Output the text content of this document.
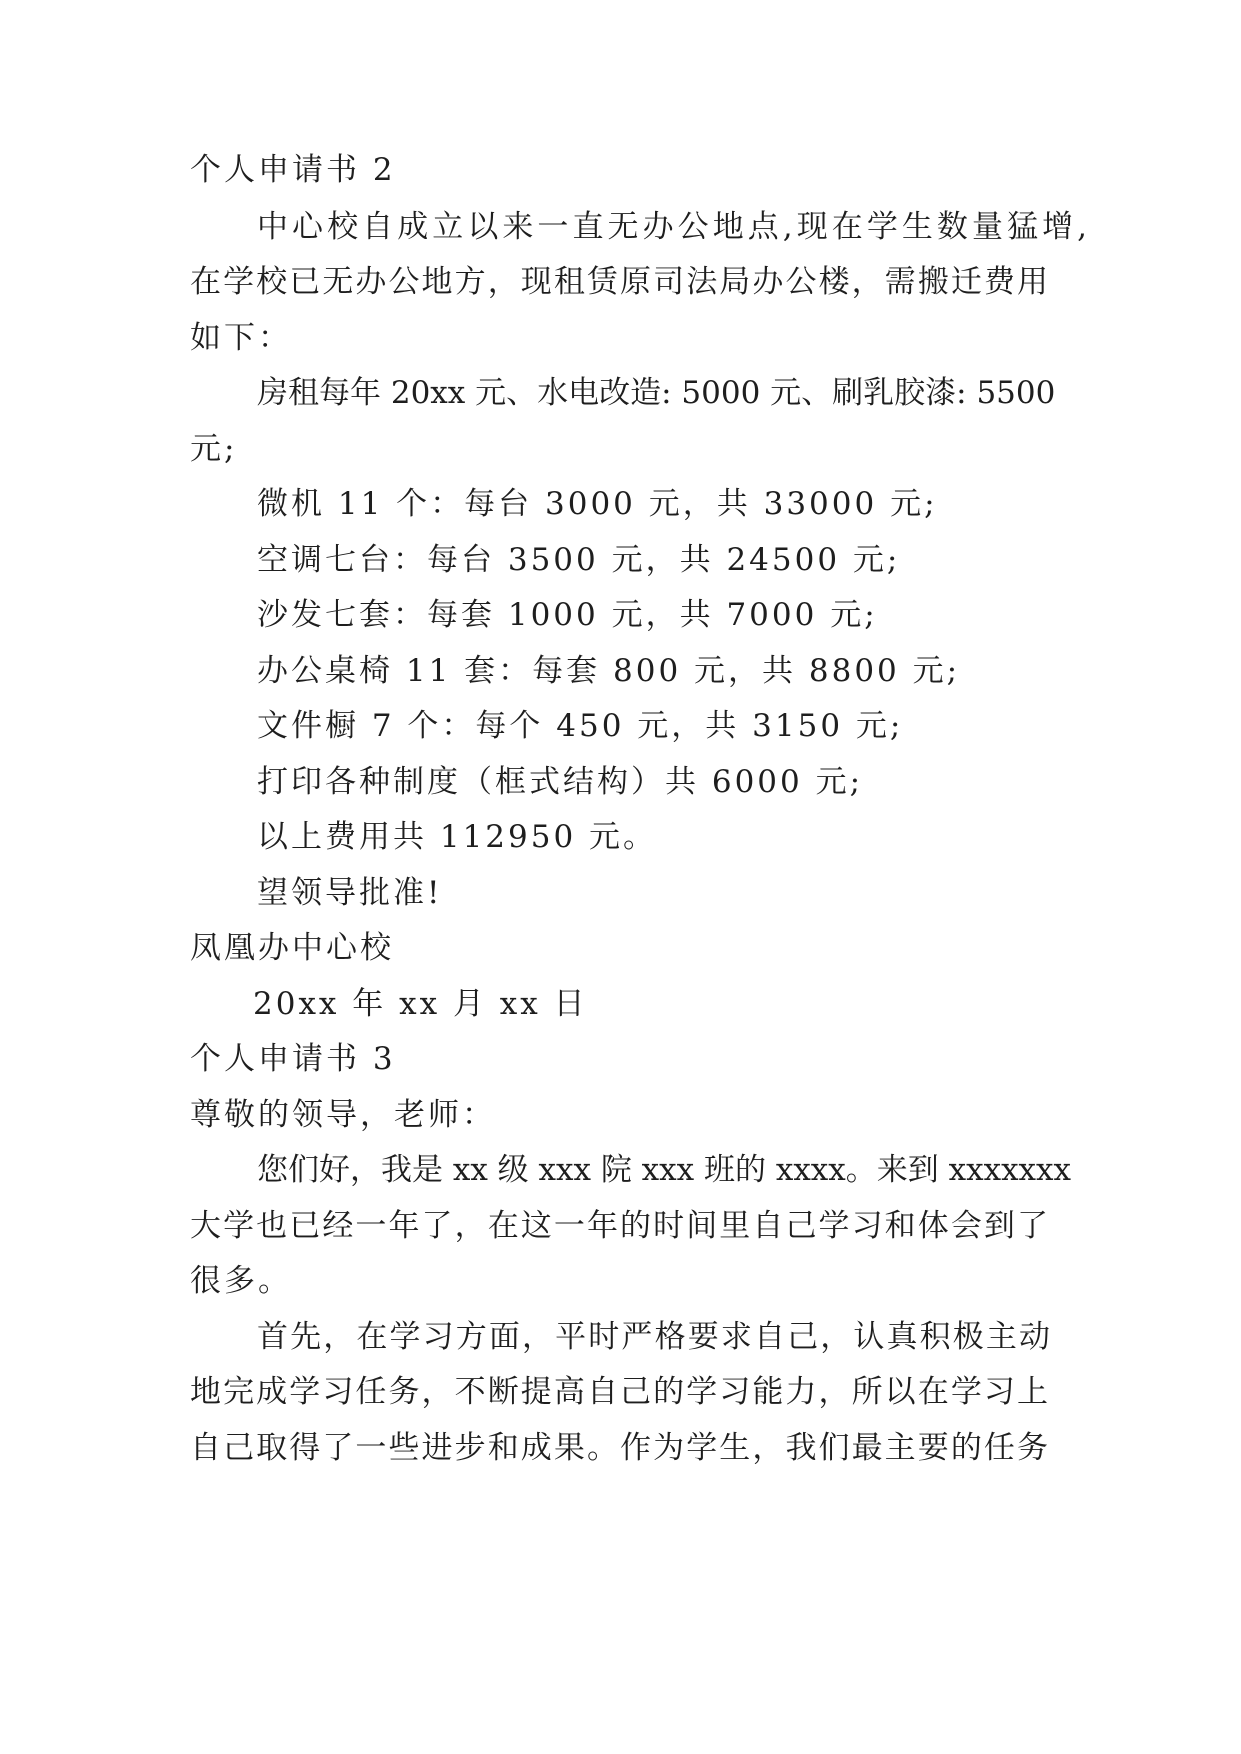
个人申请书 2
中心校自成立以来一直无办公地点,现在学生数量猛增,
在学校已无办公地方，现租赁原司法局办公楼，需搬迁费用
如下：
房租每年 20xx 元、水电改造: 5000 元、刷乳胶漆: 5500
元;
微机 11 个：每台 3000 元，共 33000 元;
空调七台：每台 3500 元，共 24500 元;
沙发七套：每套 1000 元，共 7000 元;
办公桌椅 11 套：每套 800 元，共 8800 元;
文件橱 7 个：每个 450 元，共 3150 元;
打印各种制度（框式结构）共 6000 元;
以上费用共 112950 元。
望领导批准!
凤凰办中心校
20xx 年 xx 月 xx 日
个人申请书 3
尊敬的领导，老师：
您们好，我是 xx 级 xxx 院 xxx 班的 xxxx。来到 xxxxxxx
大学也已经一年了，在这一年的时间里自己学习和体会到了
很多。
首先，在学习方面，平时严格要求自己，认真积极主动
地完成学习任务，不断提高自己的学习能力，所以在学习上
自己取得了一些进步和成果。作为学生，我们最主要的任务
